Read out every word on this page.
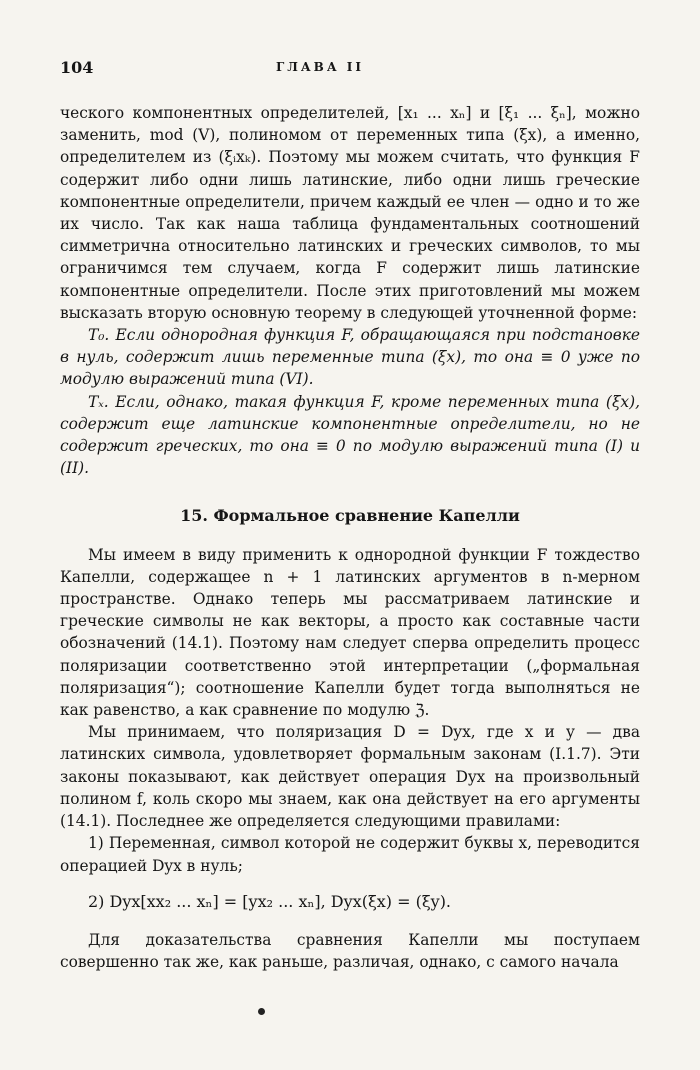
104	ГЛАВА II

ческого компонентных определителей, [x₁ ... xₙ] и [ξ₁ ... ξₙ], можно заменить, mod (V), полиномом от переменных типа (ξx), а именно, определителем из (ξᵢxₖ). Поэтому мы можем считать, что функция F содержит либо одни лишь латинские, либо одни лишь греческие компонентные определители, причем каждый ее член — одно и то же их число. Так как наша таблица фундаментальных соотношений симметрична относительно латинских и греческих символов, то мы ограничимся тем случаем, когда F содержит лишь латинские компонентные определители. После этих приготовлений мы можем высказать вторую основную теорему в следующей уточненной форме:

T₀. Если однородная функция F, обращающаяся при подстановке в нуль, содержит лишь переменные типа (ξx), то она ≡ 0 уже по модулю выражений типа (VI).

Tₓ. Если, однако, такая функция F, кроме переменных типа (ξx), содержит еще латинские компонентные определители, но не содержит греческих, то она ≡ 0 по модулю выражений типа (I) и (II).

15. Формальное сравнение Капелли

Мы имеем в виду применить к однородной функции F тождество Капелли, содержащее n + 1 латинских аргументов в n-мерном пространстве. Однако теперь мы рассматриваем латинские и греческие символы не как векторы, а просто как составные части обозначений (14.1). Поэтому нам следует сперва определить процесс поляризации соответственно этой интерпретации („формальная поляризация“); соотношение Капелли будет тогда выполняться не как равенство, а как сравнение по модулю ℨ.

Мы принимаем, что поляризация D = Dyx, где x и y — два латинских символа, удовлетворяет формальным законам (I.1.7). Эти законы показывают, как действует операция Dyx на произвольный полином f, коль скоро мы знаем, как она действует на его аргументы (14.1). Последнее же определяется следующими правилами:

1) Переменная, символ которой не содержит буквы x, переводится операцией Dyx в нуль;

2) Dyx[xx₂ ... xₙ] = [yx₂ ... xₙ], Dyx(ξx) = (ξy).

Для доказательства сравнения Капелли мы поступаем совершенно так же, как раньше, различая, однако, с самого начала
